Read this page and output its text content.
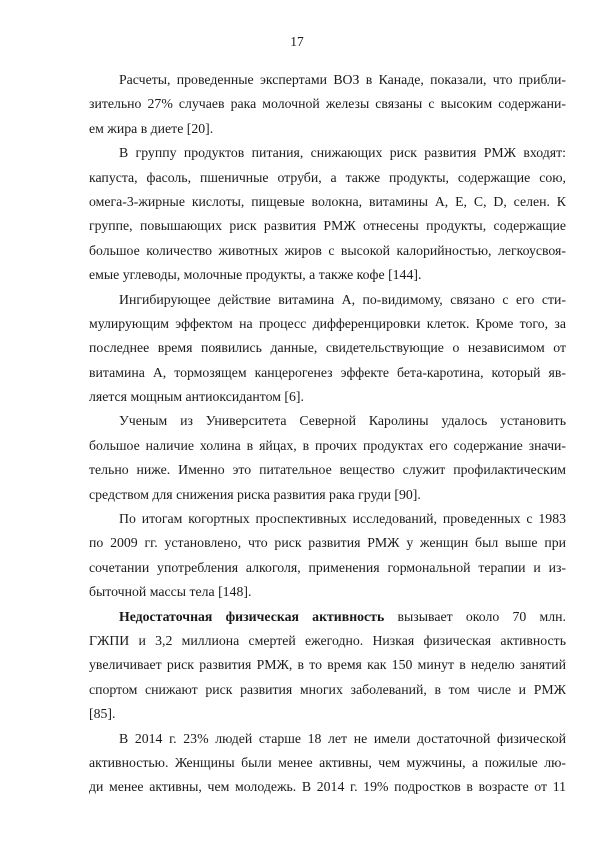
17
Расчеты, проведенные экспертами ВОЗ в Канаде, показали, что прибли-
зительно 27% случаев рака молочной железы связаны с высоким содержани-
ем жира в диете [20].
В группу продуктов питания, снижающих риск развития РМЖ входят:
капуста, фасоль, пшеничные отруби, а также продукты, содержащие сою,
омега-3-жирные кислоты, пищевые волокна, витамины А, Е, С, D, селен. К
группе, повышающих риск развития РМЖ отнесены продукты, содержащие
большое количество животных жиров с высокой калорийностью, легкоусвоя-
емые углеводы, молочные продукты, а также кофе [144].
Ингибирующее действие витамина А, по-видимому, связано с его сти-
мулирующим эффектом на процесс дифференцировки клеток. Кроме того, за
последнее время появились данные, свидетельствующие о независимом от
витамина А, тормозящем канцерогенез эффекте бета-каротина, который яв-
ляется мощным антиоксидантом [6].
Ученым из Университета Северной Каролины удалось установить
большое наличие холина в яйцах, в прочих продуктах его содержание значи-
тельно ниже. Именно это питательное вещество служит профилактическим
средством для снижения риска развития рака груди [90].
По итогам когортных проспективных исследований, проведенных с 1983
по 2009 гг. установлено, что риск развития РМЖ у женщин был выше при
сочетании употребления алкоголя, применения гормональной терапии и из-
быточной массы тела [148].
Недостаточная физическая активность вызывает около 70 млн.
ГЖПИ и 3,2 миллиона смертей ежегодно. Низкая физическая активность
увеличивает риск развития РМЖ, в то время как 150 минут в неделю занятий
спортом снижают риск развития многих заболеваний, в том числе и РМЖ
[85].
В 2014 г. 23% людей старше 18 лет не имели достаточной физической
активностью. Женщины были менее активны, чем мужчины, а пожилые лю-
ди менее активны, чем молодежь. В 2014 г. 19% подростков в возрасте от 11
